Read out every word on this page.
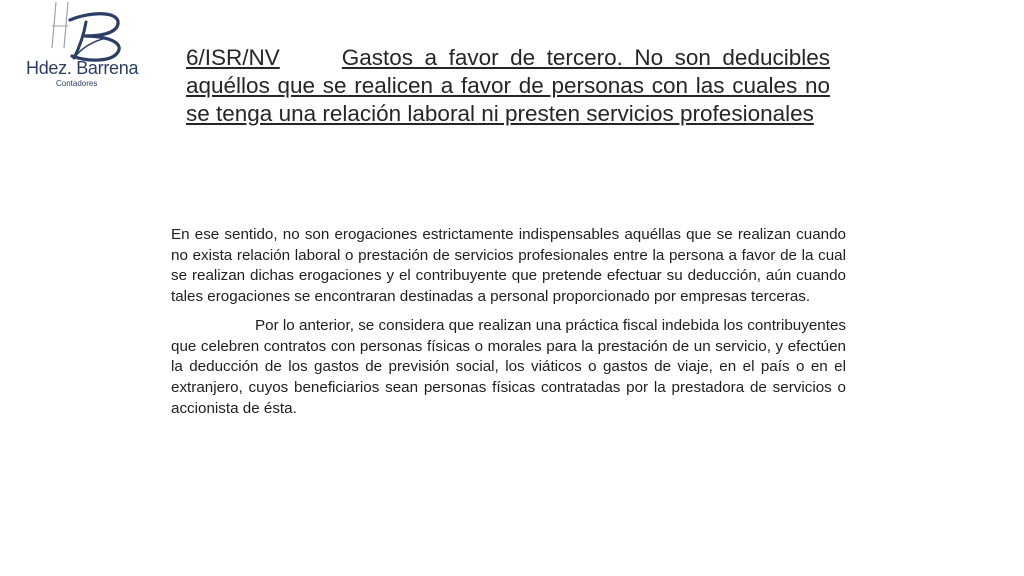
Hdez. Barrena
Contadores
6/ISR/NV	Gastos a favor de tercero. No son deducibles aquéllos que se realicen a favor de personas con las cuales no se tenga una relación laboral ni presten servicios profesionales

En ese sentido, no son erogaciones estrictamente indispensables aquéllas que se realizan cuando no exista relación laboral o prestación de servicios profesionales entre la persona a favor de la cual se realizan dichas erogaciones y el contribuyente que pretende efectuar su deducción, aún cuando tales erogaciones se encontraran destinadas a personal proporcionado por empresas terceras.

Por lo anterior, se considera que realizan una práctica fiscal indebida los contribuyentes que celebren contratos con personas físicas o morales para la prestación de un servicio, y efectúen la deducción de los gastos de previsión social, los viáticos o gastos de viaje, en el país o en el extranjero, cuyos beneficiarios sean personas físicas contratadas por la prestadora de servicios o accionista de ésta.
